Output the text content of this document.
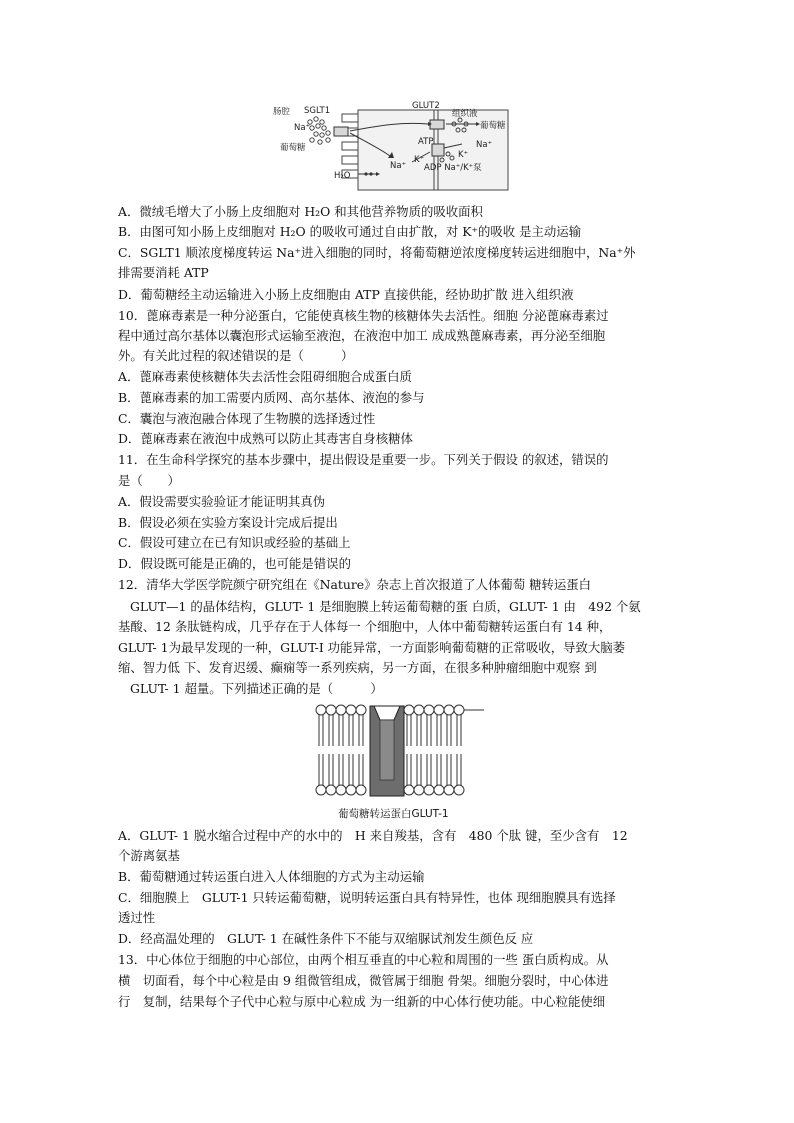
肠腔 SGLT1	GLUT2
组织液
Na⁺
葡萄糖
葡萄糖
ATP	Na⁺
K⁺	K⁺
Na⁺ ADP Na⁺/K⁺泵
H₂O
A．微绒毛增大了小肠上皮细胞对 H₂O 和其他营养物质的吸收面积
B．由图可知小肠上皮细胞对 H₂O 的吸收可通过自由扩散，对 K⁺的吸收 是主动运输
C．SGLT1 顺浓度梯度转运 Na⁺进入细胞的同时，将葡萄糖逆浓度梯度转运进细胞中，Na⁺外
排需要消耗 ATP
D．葡萄糖经主动运输进入小肠上皮细胞由 ATP 直接供能，经协助扩散 进入组织液
10．蓖麻毒素是一种分泌蛋白，它能使真核生物的核糖体失去活性。细胞 分泌蓖麻毒素过
程中通过高尔基体以囊泡形式运输至液泡，在液泡中加工 成成熟蓖麻毒素，再分泌至细胞
外。有关此过程的叙述错误的是（　　　）
A．蓖麻毒素使核糖体失去活性会阻碍细胞合成蛋白质
B．蓖麻毒素的加工需要内质网、高尔基体、液泡的参与
C．囊泡与液泡融合体现了生物膜的选择透过性
D．蓖麻毒素在液泡中成熟可以防止其毒害自身核糖体
11．在生命科学探究的基本步骤中，提出假设是重要一步。下列关于假设 的叙述，错误的
是（　　）
A．假设需要实验验证才能证明其真伪
B．假设必须在实验方案设计完成后提出
C．假设可建立在已有知识或经验的基础上
D．假设既可能是正确的，也可能是错误的
12．清华大学医学院颜宁研究组在《Nature》杂志上首次报道了人体葡萄 糖转运蛋白
GLUT—1 的晶体结构，GLUT- 1 是细胞膜上转运葡萄糖的蛋 白质，GLUT- 1 由　492 个氨
基酸、12 条肽链构成，几乎存在于人体每一 个细胞中，人体中葡萄糖转运蛋白有 14 种，
GLUT- 1为最早发现的一种，GLUT-I 功能异常，一方面影响葡萄糖的正常吸收，导致大脑萎
缩、智力低 下、发育迟缓、癫痫等一系列疾病，另一方面，在很多种肿瘤细胞中观察 到
GLUT- 1 超量。下列描述正确的是（　　　）
葡萄糖转运蛋白GLUT-1
A．GLUT- 1 脱水缩合过程中产的水中的　H 来自羧基，含有　480 个肽 键，至少含有　12
个游离氨基
B．葡萄糖通过转运蛋白进入人体细胞的方式为主动运输
C．细胞膜上　GLUT-1 只转运葡萄糖，说明转运蛋白具有特异性，也体 现细胞膜具有选择
透过性
D．经高温处理的　GLUT- 1 在碱性条件下不能与双缩脲试剂发生颜色反 应
13．中心体位于细胞的中心部位，由两个相互垂直的中心粒和周围的一些 蛋白质构成。从
横　切面看，每个中心粒是由 9 组微管组成，微管属于细胞 骨架。细胞分裂时，中心体进
行　复制，结果每个子代中心粒与原中心粒成 为一组新的中心体行使功能。中心粒能使细
